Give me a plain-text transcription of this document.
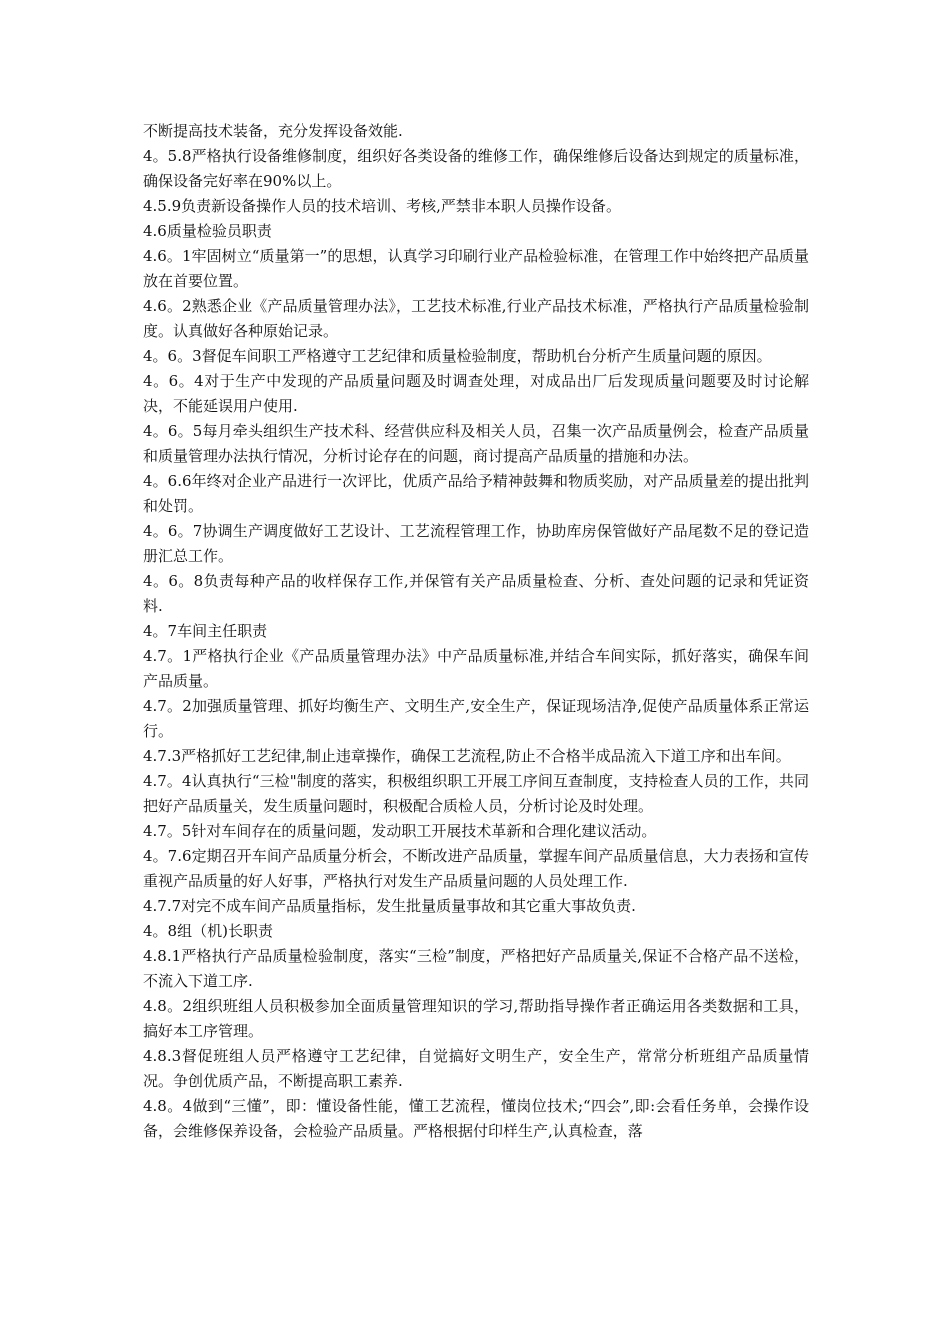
不断提高技术装备，充分发挥设备效能.

4。5.8严格执行设备维修制度，组织好各类设备的维修工作，确保维修后设备达到规定的质量标准，确保设备完好率在90%以上。

4.5.9负责新设备操作人员的技术培训、考核,严禁非本职人员操作设备。

4.6质量检验员职责

4.6。1牢固树立“质量第一”的思想，认真学习印刷行业产品检验标准，在管理工作中始终把产品质量放在首要位置。

4.6。2熟悉企业《产品质量管理办法》，工艺技术标准,行业产品技术标准，严格执行产品质量检验制度。认真做好各种原始记录。

4。6。3督促车间职工严格遵守工艺纪律和质量检验制度，帮助机台分析产生质量问题的原因。

4。6。4对于生产中发现的产品质量问题及时调查处理，对成品出厂后发现质量问题要及时讨论解决，不能延误用户使用.

4。6。5每月牵头组织生产技术科、经营供应科及相关人员，召集一次产品质量例会，检查产品质量和质量管理办法执行情况，分析讨论存在的问题，商讨提高产品质量的措施和办法。

4。6.6年终对企业产品进行一次评比，优质产品给予精神鼓舞和物质奖励，对产品质量差的提出批判和处罚。

4。6。7协调生产调度做好工艺设计、工艺流程管理工作，协助库房保管做好产品尾数不足的登记造册汇总工作。

4。6。8负责每种产品的收样保存工作,并保管有关产品质量检查、分析、查处问题的记录和凭证资料.

4。7车间主任职责

4.7。1严格执行企业《产品质量管理办法》中产品质量标准,并结合车间实际，抓好落实，确保车间产品质量。

4.7。2加强质量管理、抓好均衡生产、文明生产,安全生产，保证现场洁净,促使产品质量体系正常运行。

4.7.3严格抓好工艺纪律,制止违章操作，确保工艺流程,防止不合格半成品流入下道工序和出车间。

4.7。4认真执行“三检"制度的落实，积极组织职工开展工序间互查制度，支持检查人员的工作，共同把好产品质量关，发生质量问题时，积极配合质检人员，分析讨论及时处理。

4.7。5针对车间存在的质量问题，发动职工开展技术革新和合理化建议活动。

4。7.6定期召开车间产品质量分析会，不断改进产品质量，掌握车间产品质量信息，大力表扬和宣传重视产品质量的好人好事，严格执行对发生产品质量问题的人员处理工作.

4.7.7对完不成车间产品质量指标，发生批量质量事故和其它重大事故负责.

4。8组（机)长职责

4.8.1严格执行产品质量检验制度，落实“三检”制度，严格把好产品质量关,保证不合格产品不送检，不流入下道工序.

4.8。2组织班组人员积极参加全面质量管理知识的学习,帮助指导操作者正确运用各类数据和工具，搞好本工序管理。

4.8.3督促班组人员严格遵守工艺纪律，自觉搞好文明生产，安全生产，常常分析班组产品质量情况。争创优质产品，不断提高职工素养.

4.8。4做到“三懂”，即：懂设备性能，懂工艺流程，懂岗位技术;“四会”,即:会看任务单，会操作设备，会维修保养设备，会检验产品质量。严格根据付印样生产,认真检查，落
